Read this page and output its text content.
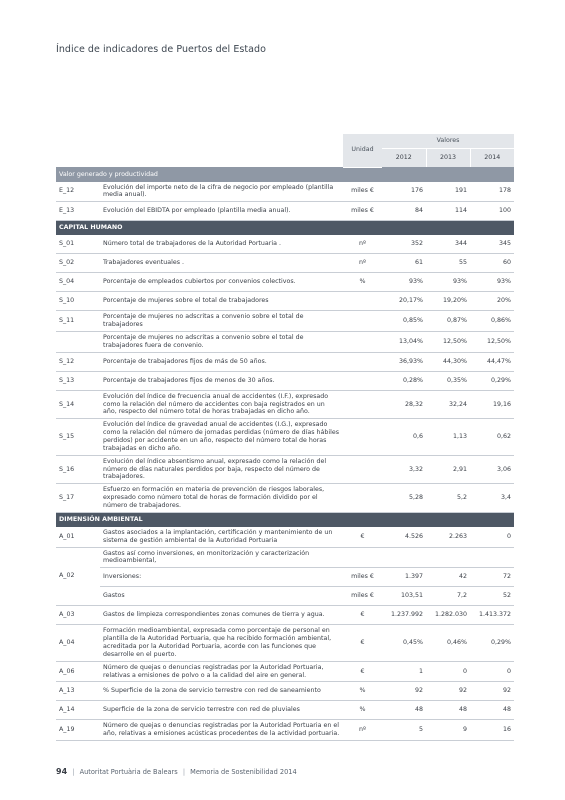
Índice de indicadores de Puertos del Estado
		Unidad	Valores		
			2012	2013	2014
Valor generado y productividad					
E_12	Evolución del importe neto de la cifra de negocio por empleado (plantilla media anual).	miles €	176	191	178
E_13	Evolución del EBIDTA por empleado (plantilla media anual).	miles €	84	114	100
CAPITAL HUMANO					
S_01	Número total de trabajadores de la Autoridad Portuaria .	nº	352	344	345
S_02	Trabajadores eventuales .	nº	61	55	60
S_04	Porcentaje de empleados cubiertos por convenios colectivos.	%	93%	93%	93%
S_10	Porcentaje de mujeres sobre el total de trabajadores		20,17%	19,20%	20%
S_11	Porcentaje de mujeres no adscritas a convenio sobre el total de trabajadores		0,85%	0,87%	0,86%
	Porcentaje de mujeres no adscritas a convenio sobre el total de trabajadores fuera de convenio.		13,04%	12,50%	12,50%
S_12	Porcentaje de trabajadores fijos de más de 50 años.		36,93%	44,30%	44,47%
S_13	Porcentaje de trabajadores fijos de menos de 30 años.		0,28%	0,35%	0,29%
S_14	Evolución del índice de frecuencia anual de accidentes (I.F.), expresado como la relación del número de accidentes con baja registrados en un año, respecto del número total de horas trabajadas en dicho año.		28,32	32,24	19,16
S_15	Evolución del índice de gravedad anual de accidentes (I.G.), expresado como la relación del número de jornadas perdidas (número de días hábiles perdidos) por accidente en un año, respecto del número total de horas trabajadas en dicho año.		0,6	1,13	0,62
S_16	Evolución del índice absentismo anual, expresado como la relación del número de días naturales perdidos por baja, respecto del número de trabajadores.		3,32	2,91	3,06
S_17	Esfuerzo en formación en materia de prevención de riesgos laborales, expresado como número total de horas de formación dividido por el número de trabajadores.		5,28	5,2	3,4
DIMENSIÓN AMBIENTAL					
A_01	Gastos asociados a la implantación, certificación y mantenimiento de un sistema de gestión ambiental de la Autoridad Portuaria	€	4.526	2.263	0
A_02	Gastos así como inversiones, en monitorización y caracterización medioambiental,				
	Inversiones:	miles €	1.397	42	72
	Gastos	miles €	103,51	7,2	52
A_03	Gastos de limpieza correspondientes zonas comunes de tierra y agua.	€	1.237.992	1.282.030	1.413.372
A_04	Formación medioambiental, expresada como porcentaje de personal en plantilla de la Autoridad Portuaria, que ha recibido formación ambiental, acreditada por la Autoridad Portuaria, acorde con las funciones que desarrolle en el puerto.	€	0,45%	0,46%	0,29%
A_06	Número de quejas o denuncias registradas por la Autoridad Portuaria, relativas a emisiones de polvo o a la calidad del aire en general.	€	1	0	0
A_13	% Superficie de la zona de servicio terrestre con red de saneamiento	%	92	92	92
A_14	Superficie de la zona de servicio terrestre con red de pluviales	%	48	48	48
A_19	Número de quejas o denuncias registradas por la Autoridad Portuaria en el año, relativas a emisiones acústicas procedentes de la actividad portuaria.	nº	5	9	16
94 | Autoritat Portuària de Balears | Memoria de Sostenibilidad 2014
